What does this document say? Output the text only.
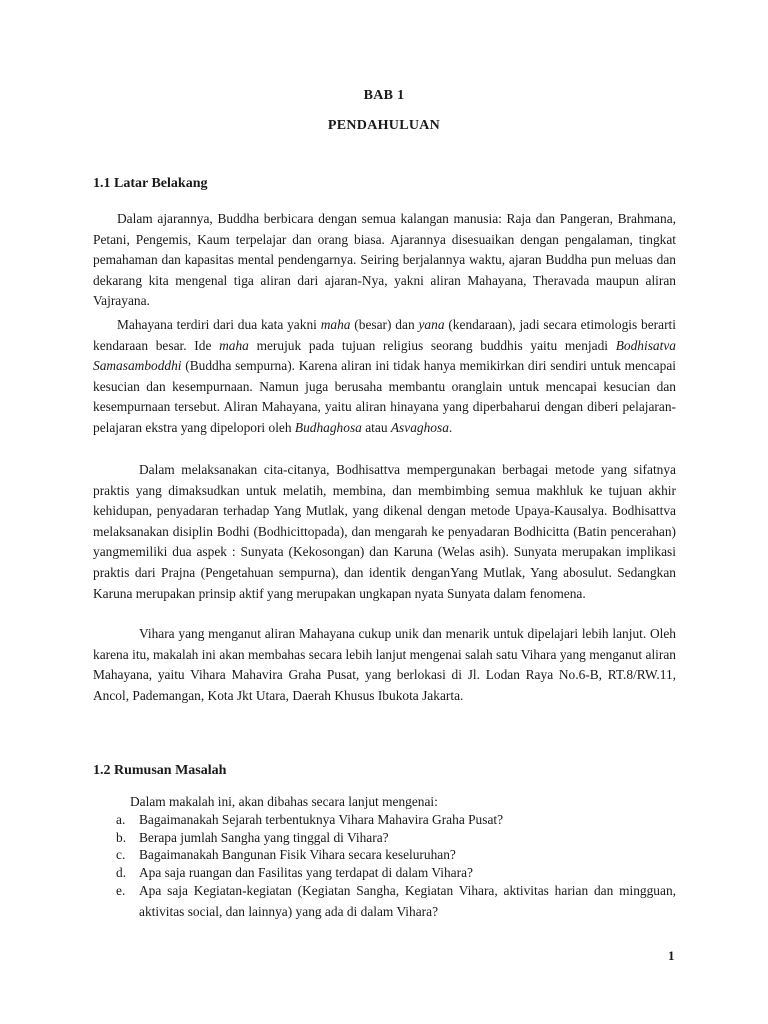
BAB 1
PENDAHULUAN
1.1 Latar Belakang

Dalam ajarannya, Buddha berbicara dengan semua kalangan manusia: Raja dan Pangeran, Brahmana, Petani, Pengemis, Kaum terpelajar dan orang biasa. Ajarannya disesuaikan dengan pengalaman, tingkat pemahaman dan kapasitas mental pendengarnya. Seiring berjalannya waktu, ajaran Buddha pun meluas dan dekarang kita mengenal tiga aliran dari ajaran-Nya, yakni aliran Mahayana, Theravada maupun aliran Vajrayana.

Mahayana terdiri dari dua kata yakni maha (besar) dan yana (kendaraan), jadi secara etimologis berarti kendaraan besar. Ide maha merujuk pada tujuan religius seorang buddhis yaitu menjadi Bodhisatva Samasamboddhi (Buddha sempurna). Karena aliran ini tidak hanya memikirkan diri sendiri untuk mencapai kesucian dan kesempurnaan. Namun juga berusaha membantu oranglain untuk mencapai kesucian dan kesempurnaan tersebut. Aliran Mahayana, yaitu aliran hinayana yang diperbaharui dengan diberi pelajaran- pelajaran ekstra yang dipelopori oleh Budhaghosa atau Asvaghosa.

Dalam melaksanakan cita-citanya, Bodhisattva mempergunakan berbagai metode yang sifatnya praktis yang dimaksudkan untuk melatih, membina, dan membimbing semua makhluk ke tujuan akhir kehidupan, penyadaran terhadap Yang Mutlak, yang dikenal dengan metode Upaya-Kausalya. Bodhisattva melaksanakan disiplin Bodhi (Bodhicittopada), dan mengarah ke penyadaran Bodhicitta (Batin pencerahan) yangmemiliki dua aspek : Sunyata (Kekosongan) dan Karuna (Welas asih). Sunyata merupakan implikasi praktis dari Prajna (Pengetahuan sempurna), dan identik denganYang Mutlak, Yang abosulut. Sedangkan Karuna merupakan prinsip aktif yang merupakan ungkapan nyata Sunyata dalam fenomena.

Vihara yang menganut aliran Mahayana cukup unik dan menarik untuk dipelajari lebih lanjut. Oleh karena itu, makalah ini akan membahas secara lebih lanjut mengenai salah satu Vihara yang menganut aliran Mahayana, yaitu Vihara Mahavira Graha Pusat, yang berlokasi di Jl. Lodan Raya No.6-B, RT.8/RW.11, Ancol, Pademangan, Kota Jkt Utara, Daerah Khusus Ibukota Jakarta.

1.2 Rumusan Masalah
Dalam makalah ini, akan dibahas secara lanjut mengenai:
a. Bagaimanakah Sejarah terbentuknya Vihara Mahavira Graha Pusat?
b. Berapa jumlah Sangha yang tinggal di Vihara?
c. Bagaimanakah Bangunan Fisik Vihara secara keseluruhan?
d. Apa saja ruangan dan Fasilitas yang terdapat di dalam Vihara?
e. Apa saja Kegiatan-kegiatan (Kegiatan Sangha, Kegiatan Vihara, aktivitas harian dan mingguan, aktivitas social, dan lainnya) yang ada di dalam Vihara?
1
